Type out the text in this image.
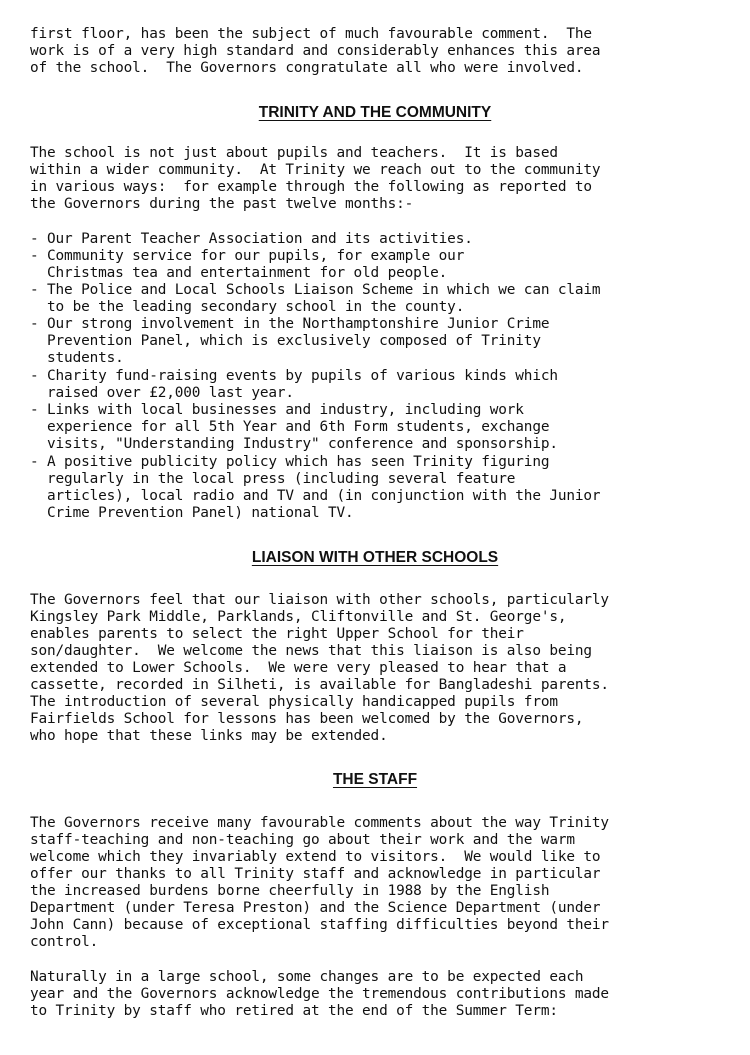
first floor, has been the subject of much favourable comment.  The
work is of a very high standard and considerably enhances this area
of the school.  The Governors congratulate all who were involved.
TRINITY AND THE COMMUNITY
The school is not just about pupils and teachers.  It is based
within a wider community.  At Trinity we reach out to the community
in various ways:  for example through the following as reported to
the Governors during the past twelve months:-
- Our Parent Teacher Association and its activities.
- Community service for our pupils, for example our
Christmas tea and entertainment for old people.
- The Police and Local Schools Liaison Scheme in which we can claim
to be the leading secondary school in the county.
- Our strong involvement in the Northamptonshire Junior Crime
Prevention Panel, which is exclusively composed of Trinity
students.
- Charity fund-raising events by pupils of various kinds which
raised over £2,000 last year.
- Links with local businesses and industry, including work
experience for all 5th Year and 6th Form students, exchange
visits, "Understanding Industry" conference and sponsorship.
- A positive publicity policy which has seen Trinity figuring
regularly in the local press (including several feature
articles), local radio and TV and (in conjunction with the Junior
Crime Prevention Panel) national TV.
LIAISON WITH OTHER SCHOOLS
The Governors feel that our liaison with other schools, particularly
Kingsley Park Middle, Parklands, Cliftonville and St. George's,
enables parents to select the right Upper School for their
son/daughter.  We welcome the news that this liaison is also being
extended to Lower Schools.  We were very pleased to hear that a
cassette, recorded in Silheti, is available for Bangladeshi parents.
The introduction of several physically handicapped pupils from
Fairfields School for lessons has been welcomed by the Governors,
who hope that these links may be extended.
THE STAFF
The Governors receive many favourable comments about the way Trinity
staff-teaching and non-teaching go about their work and the warm
welcome which they invariably extend to visitors.  We would like to
offer our thanks to all Trinity staff and acknowledge in particular
the increased burdens borne cheerfully in 1988 by the English
Department (under Teresa Preston) and the Science Department (under
John Cann) because of exceptional staffing difficulties beyond their
control.
Naturally in a large school, some changes are to be expected each
year and the Governors acknowledge the tremendous contributions made
to Trinity by staff who retired at the end of the Summer Term:
